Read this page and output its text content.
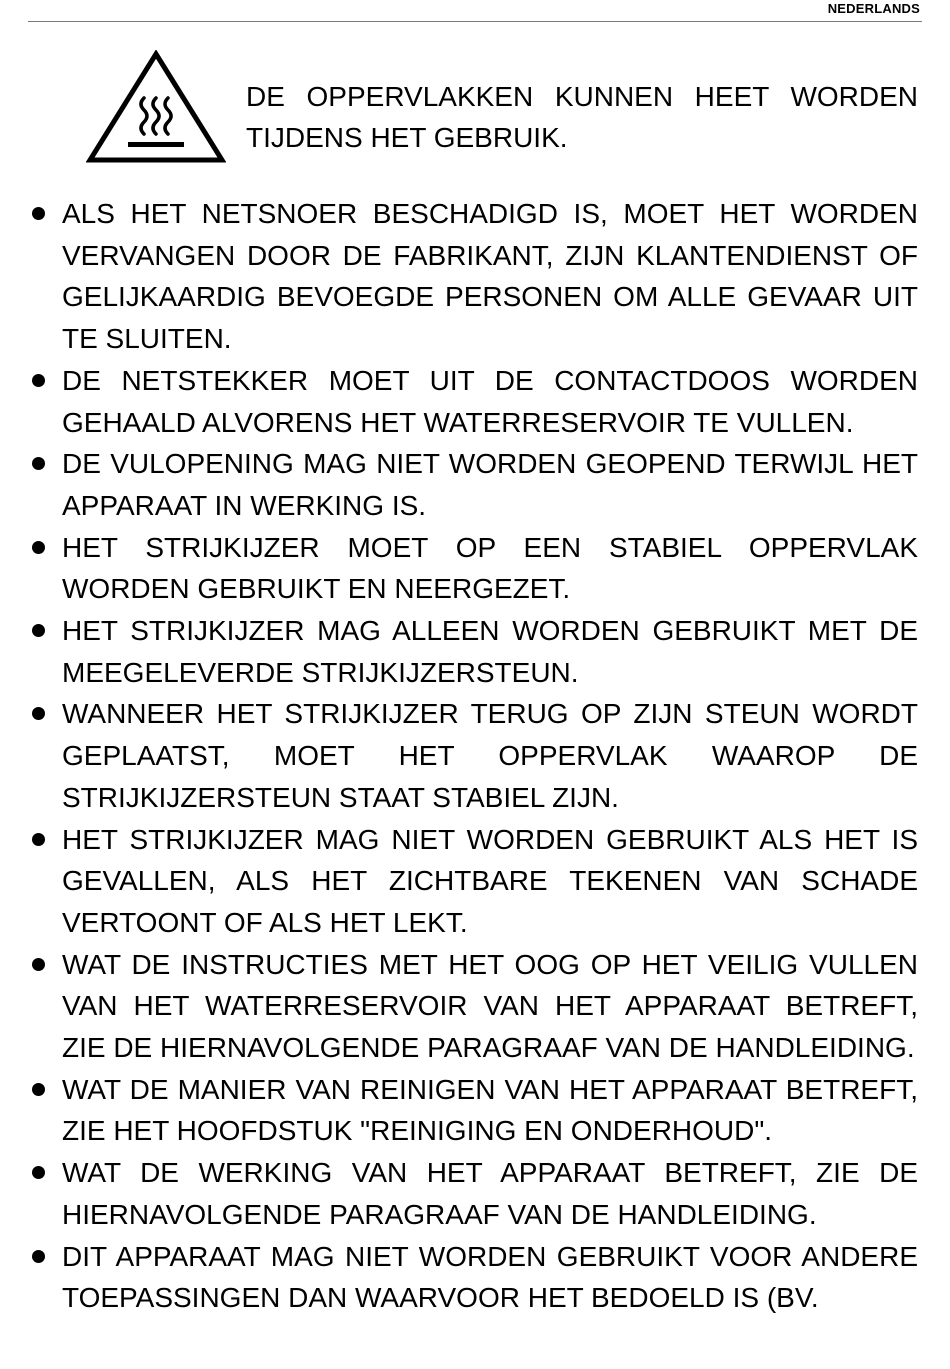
NEDERLANDS
DE OPPERVLAKKEN KUNNEN HEET WORDEN TIJDENS HET GEBRUIK.
ALS HET NETSNOER BESCHADIGD IS, MOET HET WORDEN VERVANGEN DOOR DE FABRIKANT, ZIJN KLANTENDIENST OF GELIJKAARDIG BEVOEGDE PERSONEN OM ALLE GEVAAR UIT TE SLUITEN.
DE NETSTEKKER MOET UIT DE CONTACTDOOS WORDEN GEHAALD ALVORENS HET WATERRESERVOIR TE VULLEN.
DE VULOPENING MAG NIET WORDEN GEOPEND TERWIJL HET APPARAAT IN WERKING IS.
HET STRIJKIJZER MOET OP EEN STABIEL OPPERVLAK WORDEN GEBRUIKT EN NEERGEZET.
HET STRIJKIJZER MAG ALLEEN WORDEN GEBRUIKT MET DE MEEGELEVERDE STRIJKIJZERSTEUN.
WANNEER HET STRIJKIJZER TERUG OP ZIJN STEUN WORDT GEPLAATST, MOET HET OPPERVLAK WAAROP DE STRIJKIJZERSTEUN STAAT STABIEL ZIJN.
HET STRIJKIJZER MAG NIET WORDEN GEBRUIKT ALS HET IS GEVALLEN, ALS HET ZICHTBARE TEKENEN VAN SCHADE VERTOONT OF ALS HET LEKT.
WAT DE INSTRUCTIES MET HET OOG OP HET VEILIG VULLEN VAN HET WATERRESERVOIR VAN HET APPARAAT BETREFT, ZIE DE HIERNAVOLGENDE PARAGRAAF VAN DE HANDLEIDING.
WAT DE MANIER VAN REINIGEN VAN HET APPARAAT BETREFT, ZIE HET HOOFDSTUK "REINIGING EN ONDERHOUD".
WAT DE WERKING VAN HET APPARAAT BETREFT, ZIE DE HIERNAVOLGENDE PARAGRAAF VAN DE HANDLEIDING.
DIT APPARAAT MAG NIET WORDEN GEBRUIKT VOOR ANDERE TOEPASSINGEN DAN WAARVOOR HET BEDOELD IS (BV.
